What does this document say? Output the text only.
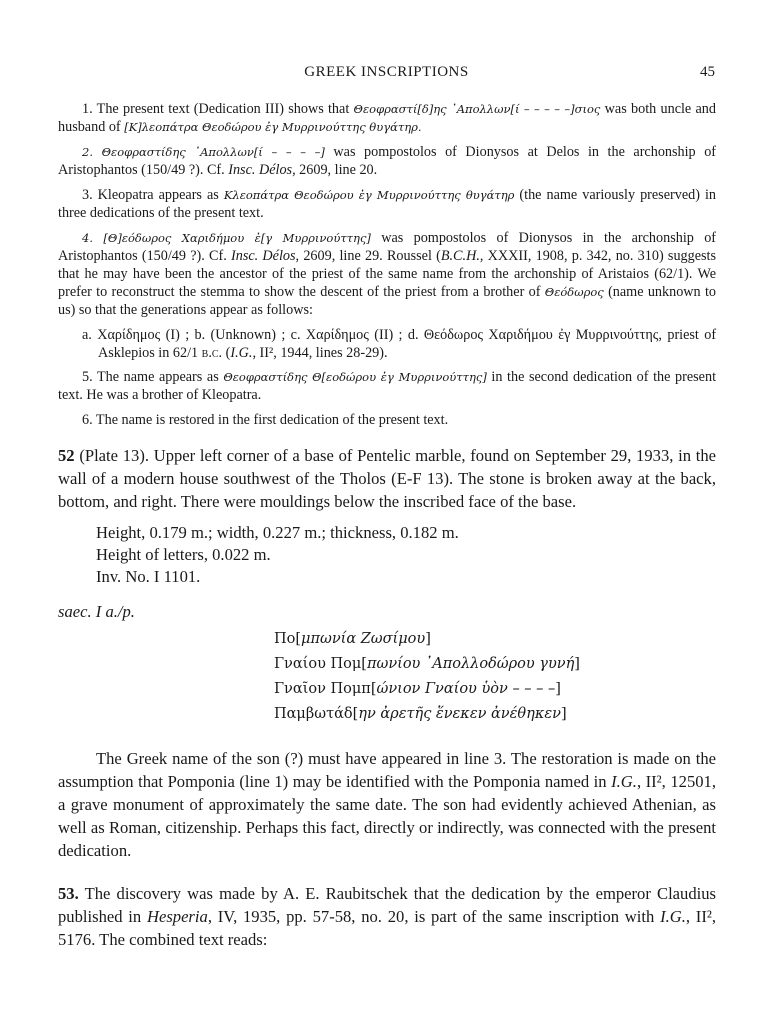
GREEK INSCRIPTIONS	45

1. The present text (Dedication III) shows that Θεοφραστί[δ]ης ᾿Απολλων[ί – – – – –]σιος was both uncle and husband of [Κ]λεοπάτρα Θεοδώρου ἐγ Μυρρινούττης θυγάτηρ.

2. Θεοφραστίδης ᾿Απολλων[ί – – – –] was pompostolos of Dionysos at Delos in the archonship of Aristophantos (150/49 ?). Cf. Insc. Délos, 2609, line 20.

3. Kleopatra appears as Κλεοπάτρα Θεοδώρου ἐγ Μυρρινούττης θυγάτηρ (the name variously preserved) in three dedications of the present text.

4. [Θ]εόδωρος Χαριδήμου ἐ[γ Μυρρινούττης] was pompostolos of Dionysos in the archonship of Aristophantos (150/49 ?). Cf. Insc. Délos, 2609, line 29. Roussel (B.C.H., XXXII, 1908, p. 342, no. 310) suggests that he may have been the ancestor of the priest of the same name from the archonship of Aristaios (62/1). We prefer to reconstruct the stemma to show the descent of the priest from a brother of Θεόδωρος (name unknown to us) so that the generations appear as follows:

a. Χαρίδημος (I) ; b. (Unknown) ; c. Χαρίδημος (II) ; d. Θεόδωρος Χαριδήμου ἐγ Μυρρινούττης, priest of Asklepios in 62/1 b.c. (I.G., II², 1944, lines 28-29).

5. The name appears as Θεοφραστίδης Θ[εοδώρου ἐγ Μυρρινούττης] in the second dedication of the present text. He was a brother of Kleopatra.

6. The name is restored in the first dedication of the present text.

52 (Plate 13). Upper left corner of a base of Pentelic marble, found on September 29, 1933, in the wall of a modern house southwest of the Tholos (E-F 13). The stone is broken away at the back, bottom, and right. There were mouldings below the inscribed face of the base.

Height, 0.179 m.; width, 0.227 m.; thickness, 0.182 m.
Height of letters, 0.022 m.
Inv. No. I 1101.
saec. I a./p.
Πο[μπωνία Ζωσίμου]
Γναίου Πομ[πωνίου ᾿Απολλοδώρου γυνή]
Γναῖον Πομπ[ώνιον Γναίου ὑὸν – – – –]
Παμβωτάδ[ην ἀρετῆς ἕνεκεν ἀνέθηκεν]

The Greek name of the son (?) must have appeared in line 3. The restoration is made on the assumption that Pomponia (line 1) may be identified with the Pomponia named in I.G., II², 12501, a grave monument of approximately the same date. The son had evidently achieved Athenian, as well as Roman, citizenship. Perhaps this fact, directly or indirectly, was connected with the present dedication.

53. The discovery was made by A. E. Raubitschek that the dedication by the emperor Claudius published in Hesperia, IV, 1935, pp. 57-58, no. 20, is part of the same inscription with I.G., II², 5176. The combined text reads:
